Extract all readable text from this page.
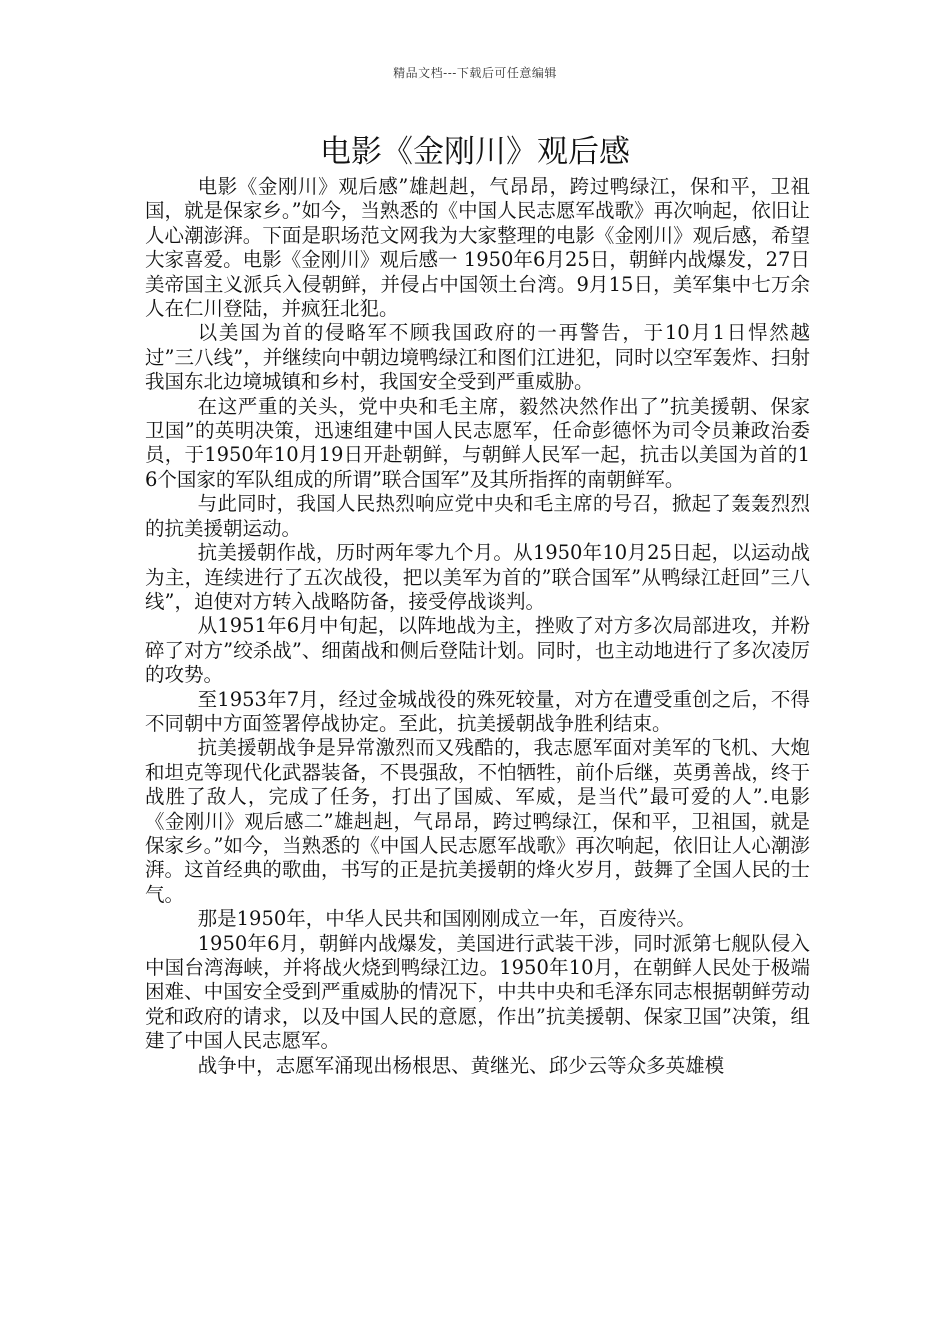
精品文档---下载后可任意编辑
电影《金刚川》观后感

电影《金刚川》观后感”雄赳赳，气昂昂，跨过鸭绿江，保和平，卫祖国，就是保家乡。”如今，当熟悉的《中国人民志愿军战歌》再次响起，依旧让人心潮澎湃。下面是职场范文网我为大家整理的电影《金刚川》观后感，希望大家喜爱。电影《金刚川》观后感一 1950年6月25日，朝鲜内战爆发，27日美帝国主义派兵入侵朝鲜，并侵占中国领土台湾。9月15日，美军集中七万余人在仁川登陆，并疯狂北犯。

以美国为首的侵略军不顾我国政府的一再警告，于10月1日悍然越过”三八线”，并继续向中朝边境鸭绿江和图们江进犯，同时以空军轰炸、扫射我国东北边境城镇和乡村，我国安全受到严重威胁。

在这严重的关头，党中央和毛主席，毅然决然作出了”抗美援朝、保家卫国”的英明决策，迅速组建中国人民志愿军，任命彭德怀为司令员兼政治委员，于1950年10月19日开赴朝鲜，与朝鲜人民军一起，抗击以美国为首的16个国家的军队组成的所谓”联合国军”及其所指挥的南朝鲜军。

与此同时，我国人民热烈响应党中央和毛主席的号召，掀起了轰轰烈烈的抗美援朝运动。

抗美援朝作战，历时两年零九个月。从1950年10月25日起，以运动战为主，连续进行了五次战役，把以美军为首的”联合国军”从鸭绿江赶回”三八线”，迫使对方转入战略防备，接受停战谈判。

从1951年6月中旬起，以阵地战为主，挫败了对方多次局部进攻，并粉碎了对方”绞杀战”、细菌战和侧后登陆计划。同时，也主动地进行了多次凌厉的攻势。

至1953年7月，经过金城战役的殊死较量，对方在遭受重创之后，不得不同朝中方面签署停战协定。至此，抗美援朝战争胜利结束。

抗美援朝战争是异常激烈而又残酷的，我志愿军面对美军的飞机、大炮和坦克等现代化武器装备，不畏强敌，不怕牺牲，前仆后继，英勇善战，终于战胜了敌人，完成了任务，打出了国威、军威，是当代”最可爱的人”.电影《金刚川》观后感二”雄赳赳，气昂昂，跨过鸭绿江，保和平，卫祖国，就是保家乡。”如今，当熟悉的《中国人民志愿军战歌》再次响起，依旧让人心潮澎湃。这首经典的歌曲，书写的正是抗美援朝的烽火岁月，鼓舞了全国人民的士气。

那是1950年，中华人民共和国刚刚成立一年，百废待兴。

1950年6月，朝鲜内战爆发，美国进行武装干涉，同时派第七舰队侵入中国台湾海峡，并将战火烧到鸭绿江边。1950年10月，在朝鲜人民处于极端困难、中国安全受到严重威胁的情况下，中共中央和毛泽东同志根据朝鲜劳动党和政府的请求，以及中国人民的意愿，作出”抗美援朝、保家卫国”决策，组建了中国人民志愿军。

战争中，志愿军涌现出杨根思、黄继光、邱少云等众多英雄模
